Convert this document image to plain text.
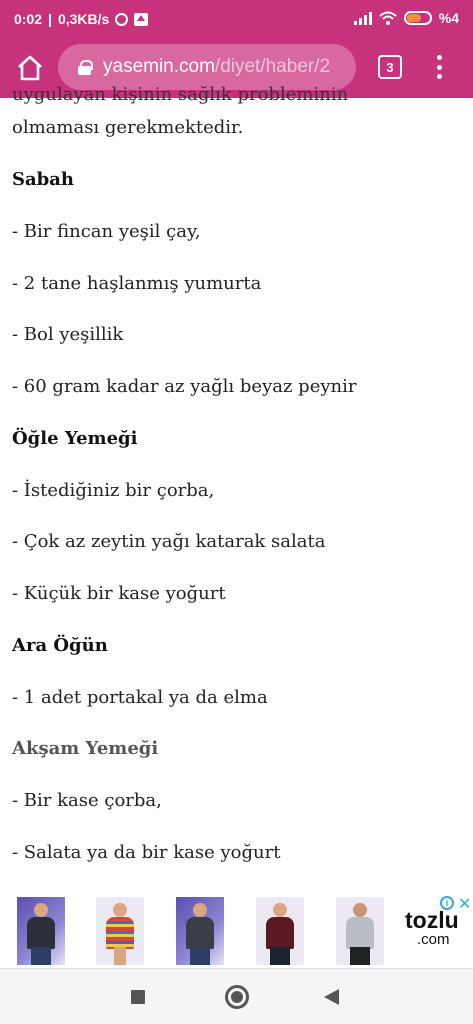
0:02 | 0,3KB/s	%4
yasemin.com /diyet/haber/2	3
uygulayan kişinin sağlık probleminin
olmaması gerekmektedir.
Sabah
- Bir fincan yeşil çay,
- 2 tane haşlanmış yumurta
- Bol yeşillik
- 60 gram kadar az yağlı beyaz peynir
Öğle Yemeği
- İstediğiniz bir çorba,
- Çok az zeytin yağı katarak salata
- Küçük bir kase yoğurt
Ara Öğün
- 1 adet portakal ya da elma
Akşam Yemeği
- Bir kase çorba,
- Salata ya da bir kase yoğurt
i ✕
tozlu
.com
